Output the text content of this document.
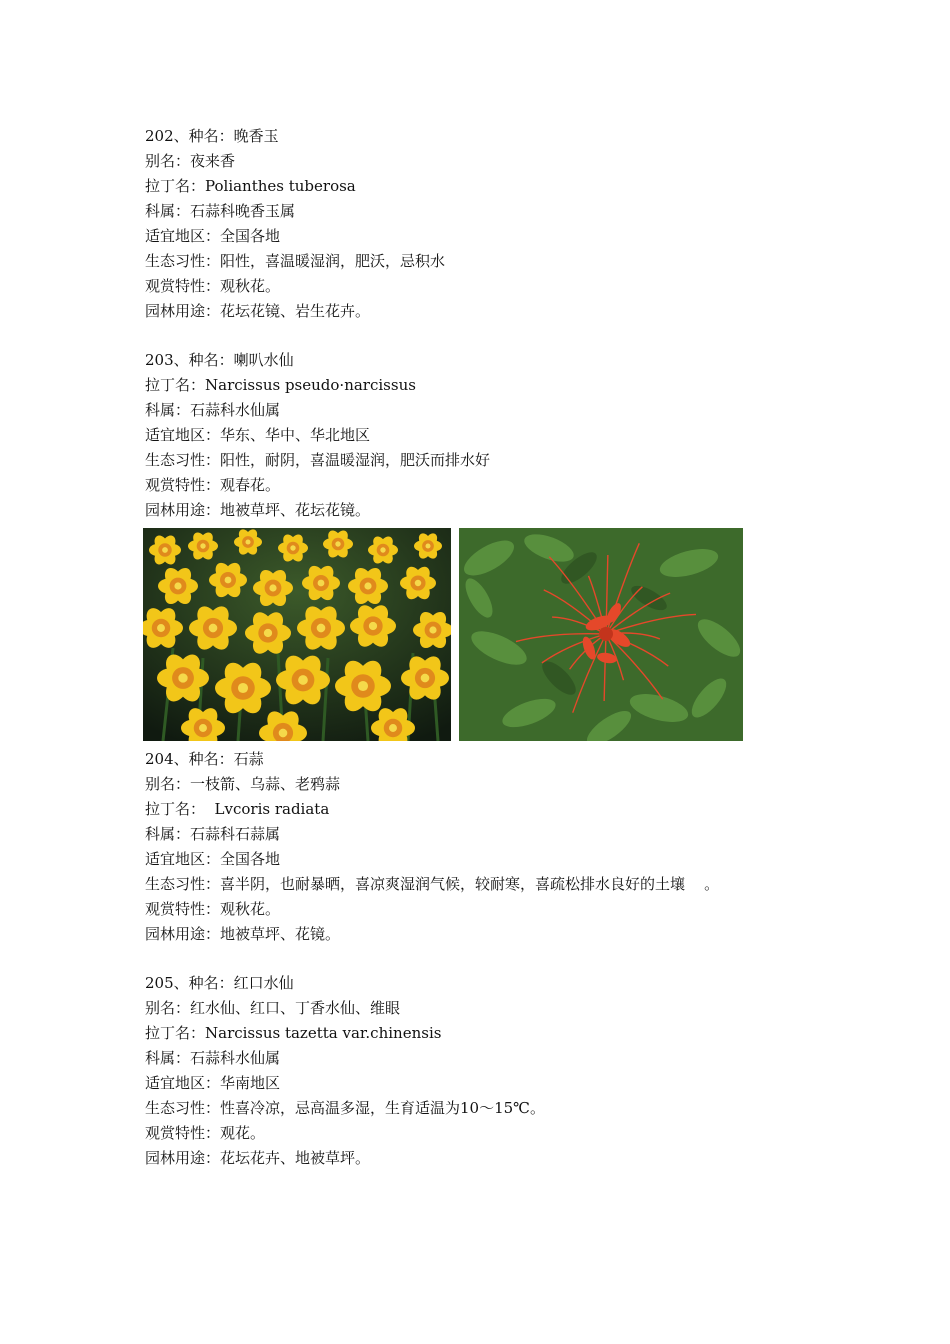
202、种名：晚香玉
别名：夜来香
拉丁名：Polianthes tuberosa
科属：石蒜科晚香玉属
适宜地区：全国各地
生态习性：阳性，喜温暖湿润，肥沃，忌积水
观赏特性：观秋花。
园林用途：花坛花镜、岩生花卉。
203、种名：喇叭水仙
拉丁名：Narcissus pseudo·narcissus
科属：石蒜科水仙属
适宜地区：华东、华中、华北地区
生态习性：阳性，耐阴，喜温暖湿润，肥沃而排水好
观赏特性：观春花。
园林用途：地被草坪、花坛花镜。
204、种名：石蒜
别名：一枝箭、乌蒜、老鸦蒜
拉丁名：  Lvcoris radiata
科属：石蒜科石蒜属
适宜地区：全国各地
生态习性：喜半阴，也耐暴晒，喜凉爽湿润气候，较耐寒，喜疏松排水良好的土壤    。
观赏特性：观秋花。
园林用途：地被草坪、花镜。
205、种名：红口水仙
别名：红水仙、红口、丁香水仙、维眼
拉丁名：Narcissus tazetta var.chinensis
科属：石蒜科水仙属
适宜地区：华南地区
生态习性：性喜冷凉，忌高温多湿，生育适温为10～15℃。
观赏特性：观花。
园林用途：花坛花卉、地被草坪。
